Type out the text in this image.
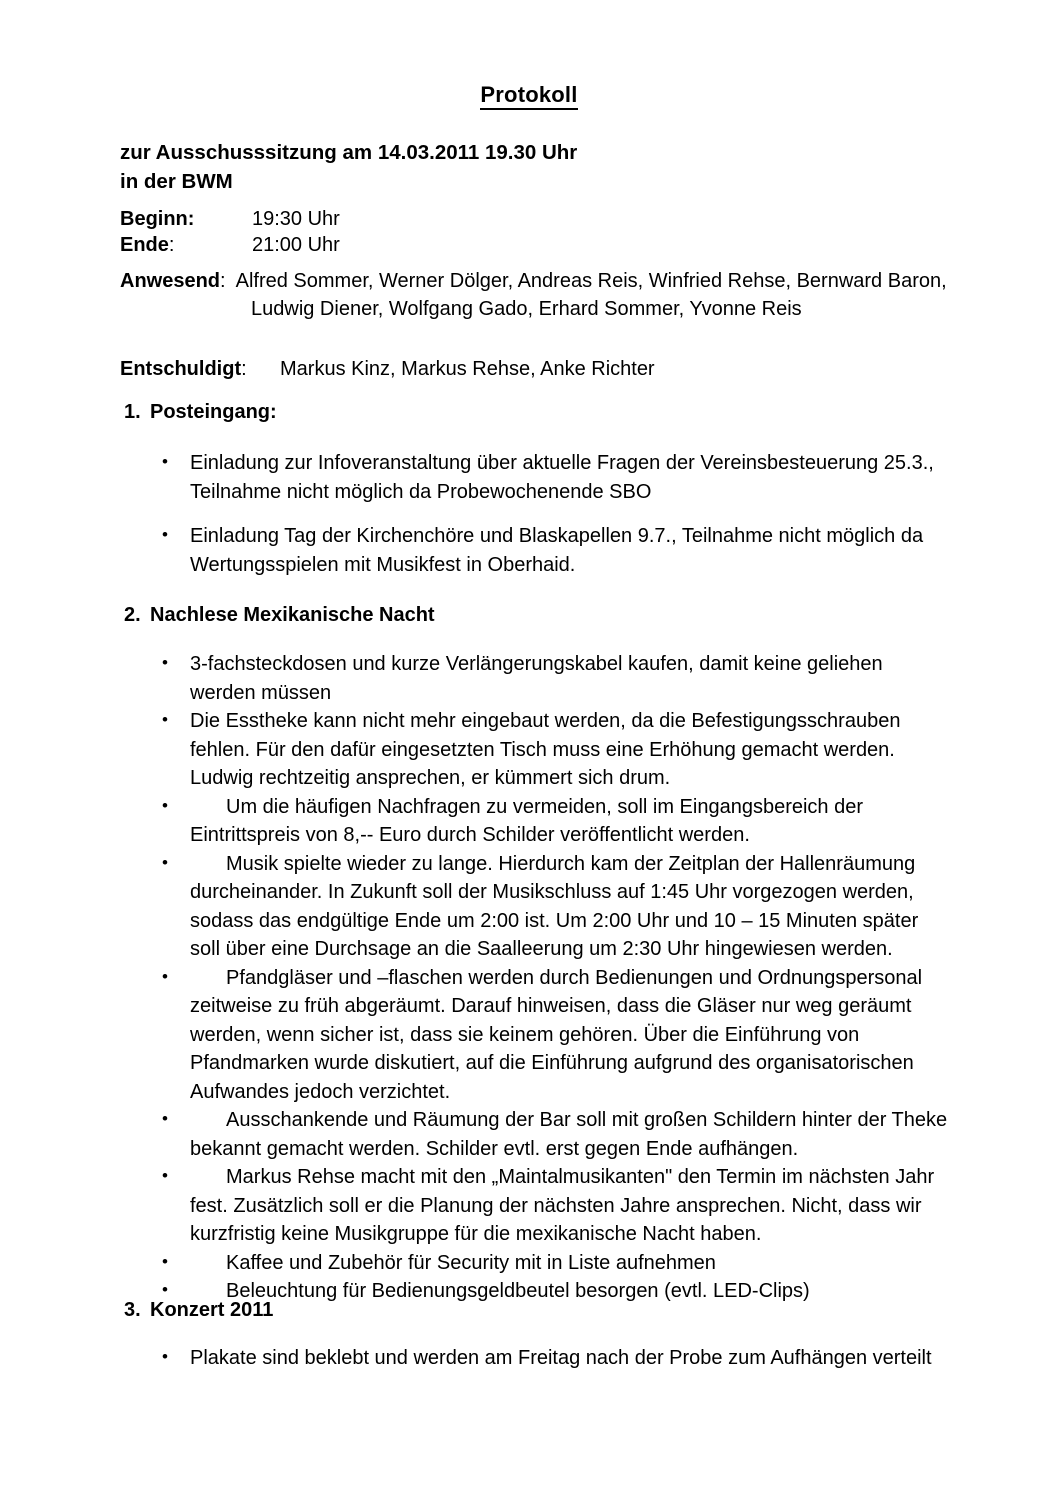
Protokoll
zur Ausschusssitzung am 14.03.2011 19.30 Uhr
in der BWM
Beginn:	19:30 Uhr
Ende:	21:00 Uhr
Anwesend: Alfred Sommer, Werner Dölger, Andreas Reis, Winfried Rehse, Bernward Baron, Ludwig Diener, Wolfgang Gado, Erhard Sommer, Yvonne Reis
Entschuldigt: Markus Kinz, Markus Rehse, Anke Richter
1. Posteingang:
• Einladung zur Infoveranstaltung über aktuelle Fragen der Vereinsbesteuerung 25.3., Teilnahme nicht möglich da Probewochenende SBO
• Einladung Tag der Kirchenchöre und Blaskapellen 9.7., Teilnahme nicht möglich da Wertungsspielen mit Musikfest in Oberhaid.
2. Nachlese Mexikanische Nacht
• 3-fachsteckdosen und kurze Verlängerungskabel kaufen, damit keine geliehen werden müssen
• Die Esstheke kann nicht mehr eingebaut werden, da die Befestigungsschrauben fehlen. Für den dafür eingesetzten Tisch muss eine Erhöhung gemacht werden. Ludwig rechtzeitig ansprechen, er kümmert sich drum.
• Um die häufigen Nachfragen zu vermeiden, soll im Eingangsbereich der Eintrittspreis von 8,-- Euro durch Schilder veröffentlicht werden.
• Musik spielte wieder zu lange. Hierdurch kam der Zeitplan der Hallenräumung durcheinander. In Zukunft soll der Musikschluss auf 1:45 Uhr vorgezogen werden, sodass das endgültige Ende um 2:00 ist. Um 2:00 Uhr und 10 – 15 Minuten später soll über eine Durchsage an die Saalleerung um 2:30 Uhr hingewiesen werden.
• Pfandgläser und –flaschen werden durch Bedienungen und Ordnungspersonal zeitweise zu früh abgeräumt. Darauf hinweisen, dass die Gläser nur weg geräumt werden, wenn sicher ist, dass sie keinem gehören. Über die Einführung von Pfandmarken wurde diskutiert, auf die Einführung aufgrund des organisatorischen Aufwandes jedoch verzichtet.
• Ausschankende und Räumung der Bar soll mit großen Schildern hinter der Theke bekannt gemacht werden. Schilder evtl. erst gegen Ende aufhängen.
• Markus Rehse macht mit den „Maintalmusikanten" den Termin im nächsten Jahr fest. Zusätzlich soll er die Planung der nächsten Jahre ansprechen. Nicht, dass wir kurzfristig keine Musikgruppe für die mexikanische Nacht haben.
• Kaffee und Zubehör für Security mit in Liste aufnehmen
• Beleuchtung für Bedienungsgeldbeutel besorgen (evtl. LED-Clips)
3. Konzert 2011
• Plakate sind beklebt und werden am Freitag nach der Probe zum Aufhängen verteilt
